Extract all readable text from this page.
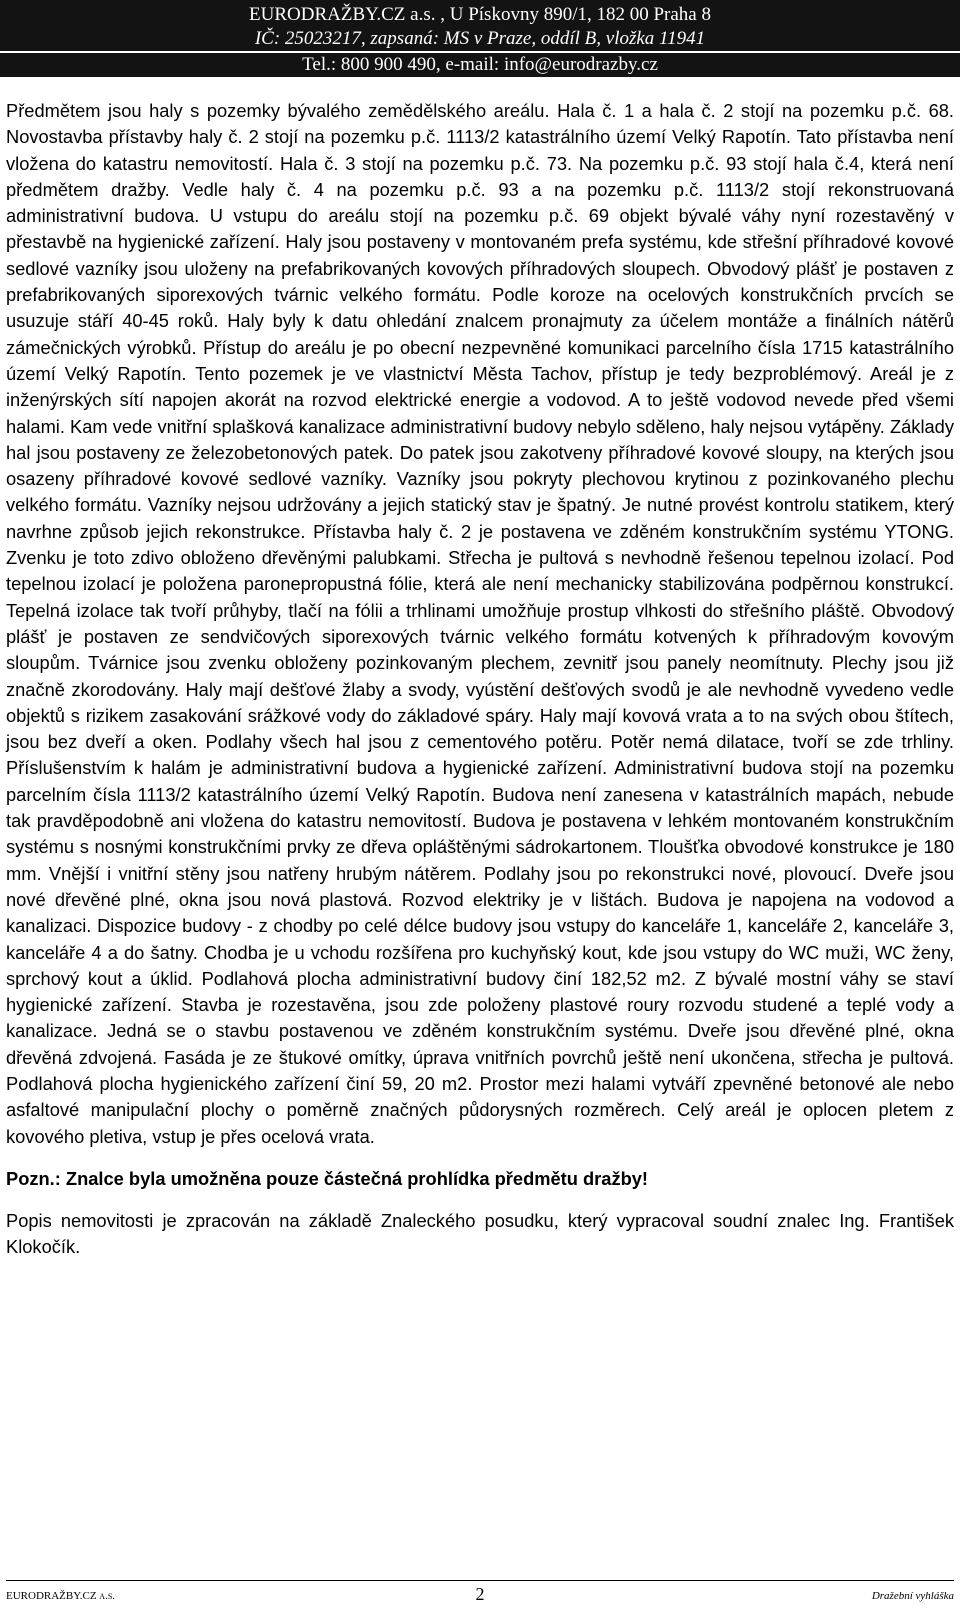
EURODRAŽBY.CZ a.s. , U Pískovny 890/1, 182 00 Praha 8
IČ: 25023217, zapsaná: MS v Praze, oddíl B, vložka 11941
Tel.: 800 900 490, e-mail: info@eurodrazby.cz

Předmětem jsou haly s pozemky bývalého zemědělského areálu. Hala č. 1 a hala č. 2 stojí na pozemku p.č. 68. Novostavba přístavby haly č. 2 stojí na pozemku p.č. 1113/2 katastrálního území Velký Rapotín. Tato přístavba není vložena do katastru nemovitostí. Hala č. 3 stojí na pozemku p.č. 73. Na pozemku p.č. 93 stojí hala č.4, která není předmětem dražby. Vedle haly č. 4 na pozemku p.č. 93 a na pozemku p.č. 1113/2 stojí rekonstruovaná administrativní budova. U vstupu do areálu stojí na pozemku p.č. 69 objekt bývalé váhy nyní rozestavěný v přestavbě na hygienické zařízení. Haly jsou postaveny v montovaném prefa systému, kde střešní příhradové kovové sedlové vazníky jsou uloženy na prefabrikovaných kovových příhradových sloupech. Obvodový plášť je postaven z prefabrikovaných siporexových tvárnic velkého formátu. Podle koroze na ocelových konstrukčních prvcích se usuzuje stáří 40-45 roků. Haly byly k datu ohledání znalcem pronajmuty za účelem montáže a finálních nátěrů zámečnických výrobků. Přístup do areálu je po obecní nezpevněné komunikaci parcelního čísla 1715 katastrálního území Velký Rapotín. Tento pozemek je ve vlastnictví Města Tachov, přístup je tedy bezproblémový. Areál je z inženýrských sítí napojen akorát na rozvod elektrické energie a vodovod. A to ještě vodovod nevede před všemi halami. Kam vede vnitřní splašková kanalizace administrativní budovy nebylo sděleno, haly nejsou vytápěny. Základy hal jsou postaveny ze železobetonových patek. Do patek jsou zakotveny příhradové kovové sloupy, na kterých jsou osazeny příhradové kovové sedlové vazníky. Vazníky jsou pokryty plechovou krytinou z pozinkovaného plechu velkého formátu. Vazníky nejsou udržovány a jejich statický stav je špatný. Je nutné provést kontrolu statikem, který navrhne způsob jejich rekonstrukce. Přístavba haly č. 2 je postavena ve zděném konstrukčním systému YTONG. Zvenku je toto zdivo obloženo dřevěnými palubkami. Střecha je pultová s nevhodně řešenou tepelnou izolací. Pod tepelnou izolací je položena paronepropustná fólie, která ale není mechanicky stabilizována podpěrnou konstrukcí. Tepelná izolace tak tvoří průhyby, tlačí na fólii a trhlinami umožňuje prostup vlhkosti do střešního pláště. Obvodový plášť je postaven ze sendvičových siporexových tvárnic velkého formátu kotvených k příhradovým kovovým sloupům. Tvárnice jsou zvenku obloženy pozinkovaným plechem, zevnitř jsou panely neomítnuty. Plechy jsou již značně zkorodovány. Haly mají dešťové žlaby a svody, vyústění dešťových svodů je ale nevhodně vyvedeno vedle objektů s rizikem zasakování srážkové vody do základové spáry. Haly mají kovová vrata a to na svých obou štítech, jsou bez dveří a oken. Podlahy všech hal jsou z cementového potěru. Potěr nemá dilatace, tvoří se zde trhliny. Příslušenstvím k halám je administrativní budova a hygienické zařízení. Administrativní budova stojí na pozemku parcelním čísla 1113/2 katastrálního území Velký Rapotín. Budova není zanesena v katastrálních mapách, nebude tak pravděpodobně ani vložena do katastru nemovitostí. Budova je postavena v lehkém montovaném konstrukčním systému s nosnými konstrukčními prvky ze dřeva opláštěnými sádrokartonem. Tloušťka obvodové konstrukce je 180 mm. Vnější i vnitřní stěny jsou natřeny hrubým nátěrem. Podlahy jsou po rekonstrukci nové, plovoucí. Dveře jsou nové dřevěné plné, okna jsou nová plastová. Rozvod elektriky je v lištách. Budova je napojena na vodovod a kanalizaci. Dispozice budovy - z chodby po celé délce budovy jsou vstupy do kanceláře 1, kanceláře 2, kanceláře 3, kanceláře 4 a do šatny. Chodba je u vchodu rozšířena pro kuchyňský kout, kde jsou vstupy do WC muži, WC ženy, sprchový kout a úklid. Podlahová plocha administrativní budovy činí 182,52 m2. Z bývalé mostní váhy se staví hygienické zařízení. Stavba je rozestavěna, jsou zde položeny plastové roury rozvodu studené a teplé vody a kanalizace. Jedná se o stavbu postavenou ve zděném konstrukčním systému. Dveře jsou dřevěné plné, okna dřevěná zdvojená. Fasáda je ze štukové omítky, úprava vnitřních povrchů ještě není ukončena, střecha je pultová. Podlahová plocha hygienického zařízení činí 59, 20 m2. Prostor mezi halami vytváří zpevněné betonové ale nebo asfaltové manipulační plochy o poměrně značných půdorysných rozměrech. Celý areál je oplocen pletem z kovového pletiva, vstup je přes ocelová vrata.

Pozn.: Znalce byla umožněna pouze částečná prohlídka předmětu dražby!

Popis nemovitosti je zpracován na základě Znaleckého posudku, který vypracoval soudní znalec Ing. František Klokočík.

EURODRAŽBY.CZ a.s.	2	Dražební vyhláška
